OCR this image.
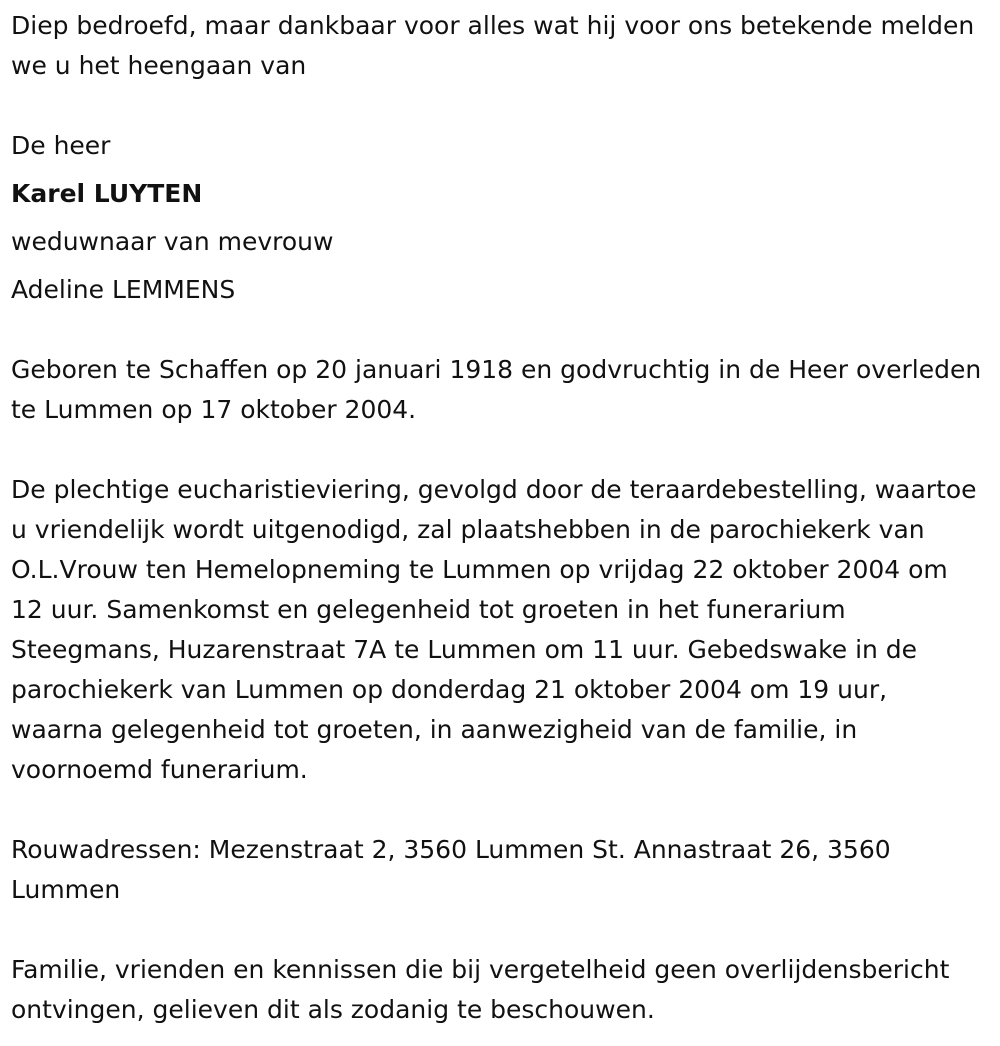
Diep bedroefd, maar dankbaar voor alles wat hij voor ons betekende melden we u het heengaan van

De heer

Karel LUYTEN

weduwnaar van mevrouw

Adeline LEMMENS

Geboren te Schaffen op 20 januari 1918 en godvruchtig in de Heer overleden te Lummen op 17 oktober 2004.

De plechtige eucharistieviering, gevolgd door de teraardebestelling, waartoe u vriendelijk wordt uitgenodigd, zal plaatshebben in de parochiekerk van O.L.Vrouw ten Hemelopneming te Lummen op vrijdag 22 oktober 2004 om 12 uur. Samenkomst en gelegenheid tot groeten in het funerarium Steegmans, Huzarenstraat 7A te Lummen om 11 uur. Gebedswake in de parochiekerk van Lummen op donderdag 21 oktober 2004 om 19 uur, waarna gelegenheid tot groeten, in aanwezigheid van de familie, in voornoemd funerarium.

Rouwadressen: Mezenstraat 2, 3560 Lummen St. Annastraat 26, 3560 Lummen

Familie, vrienden en kennissen die bij vergetelheid geen overlijdensbericht ontvingen, gelieven dit als zodanig te beschouwen.
